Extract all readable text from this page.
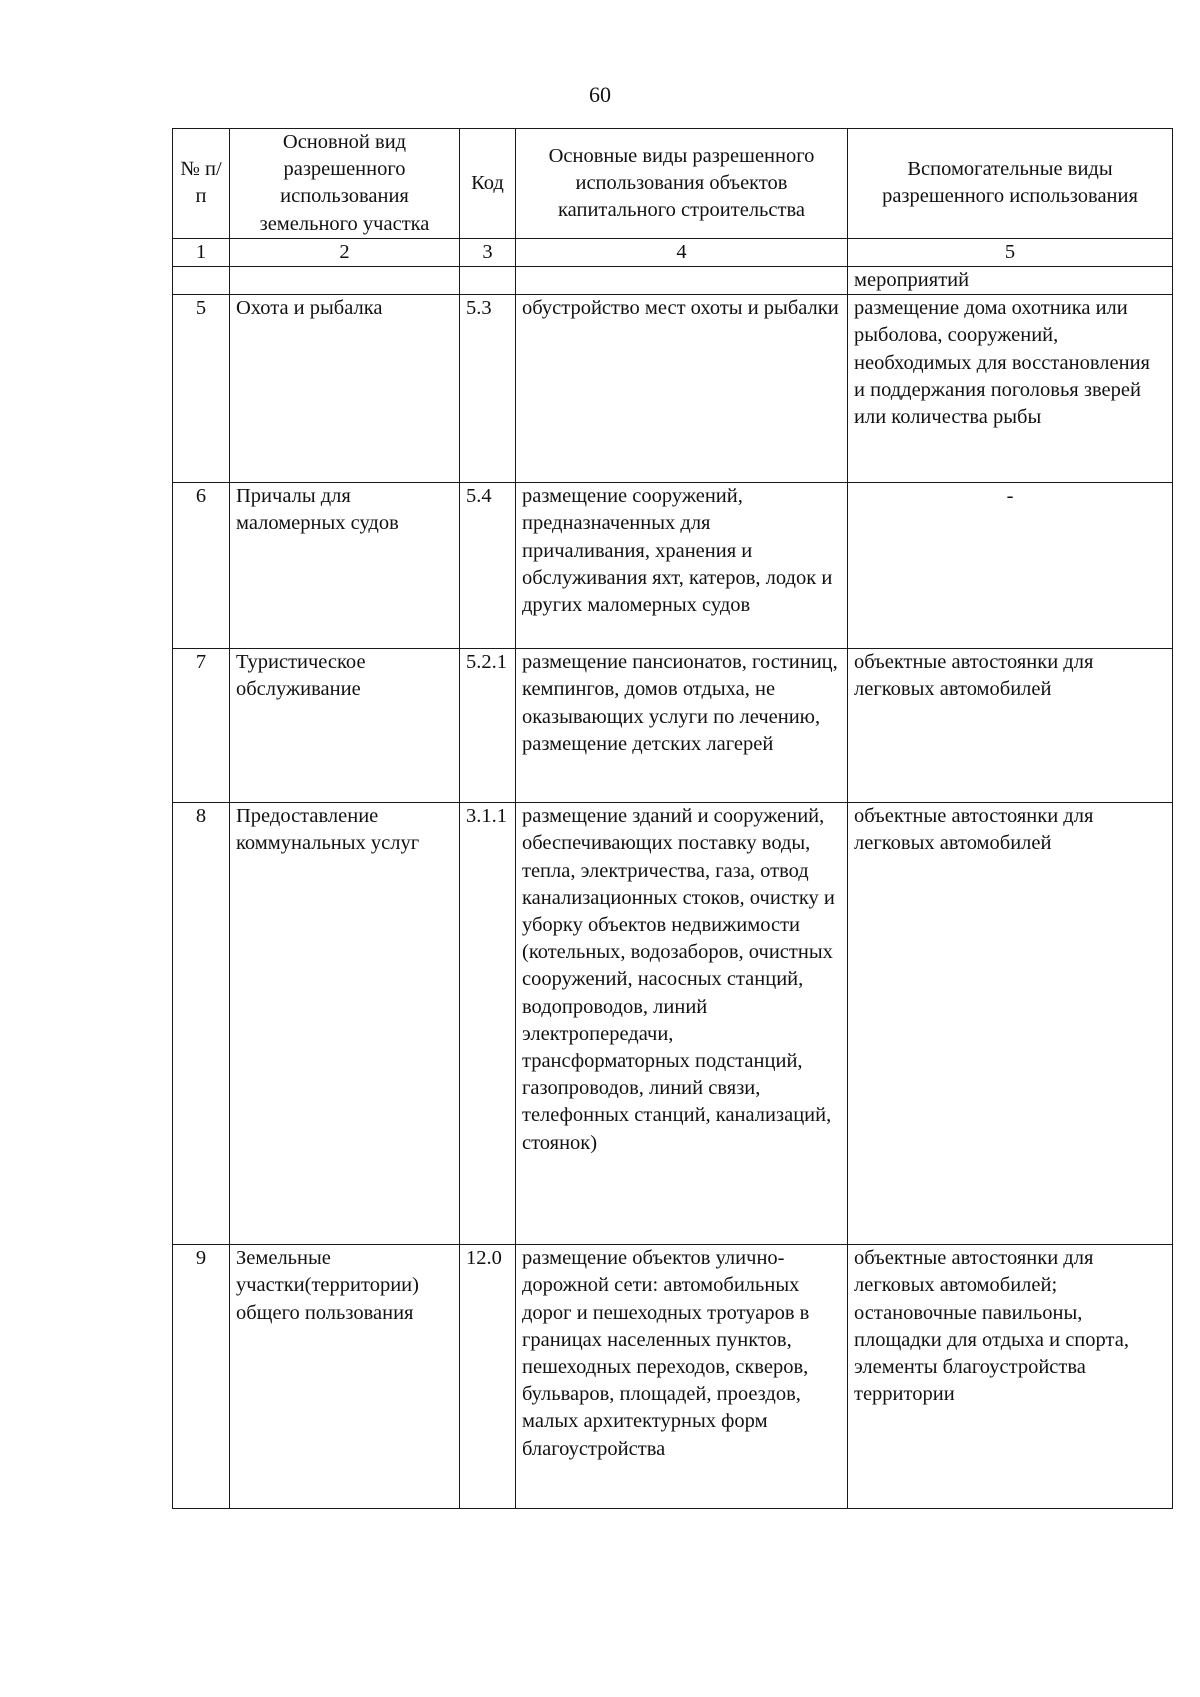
60
№ п/п	Основной вид разрешенного использования земельного участка	Код	Основные виды разрешенного использования объектов капитального строительства	Вспомогательные виды разрешенного использования
1	2	3	4	5
				мероприятий
5	Охота и рыбалка	5.3	обустройство мест охоты и рыбалки	размещение дома охотника или рыболова, сооружений, необходимых для восстановления и поддержания поголовья зверей или количества рыбы
6	Причалы для маломерных судов	5.4	размещение сооружений, предназначенных для причаливания, хранения и обслуживания яхт, катеров, лодок и других маломерных судов	-
7	Туристическое обслуживание	5.2.1	размещение пансионатов, гостиниц, кемпингов, домов отдыха, не оказывающих услуги по лечению, размещение детских лагерей	объектные автостоянки для легковых автомобилей
8	Предоставление коммунальных услуг	3.1.1	размещение зданий и сооружений, обеспечивающих поставку воды, тепла, электричества, газа, отвод канализационных стоков, очистку и уборку объектов недвижимости (котельных, водозаборов, очистных сооружений, насосных станций, водопроводов, линий электропередачи, трансформаторных подстанций, газопроводов, линий связи, телефонных станций, канализаций, стоянок)	объектные автостоянки для легковых автомобилей
9	Земельные участки(территории) общего пользования	12.0	размещение объектов улично-дорожной сети: автомобильных дорог и пешеходных тротуаров в границах населенных пунктов, пешеходных переходов, скверов, бульваров, площадей, проездов, малых архитектурных форм благоустройства	объектные автостоянки для легковых автомобилей; остановочные павильоны, площадки для отдыха и спорта, элементы благоустройства территории
